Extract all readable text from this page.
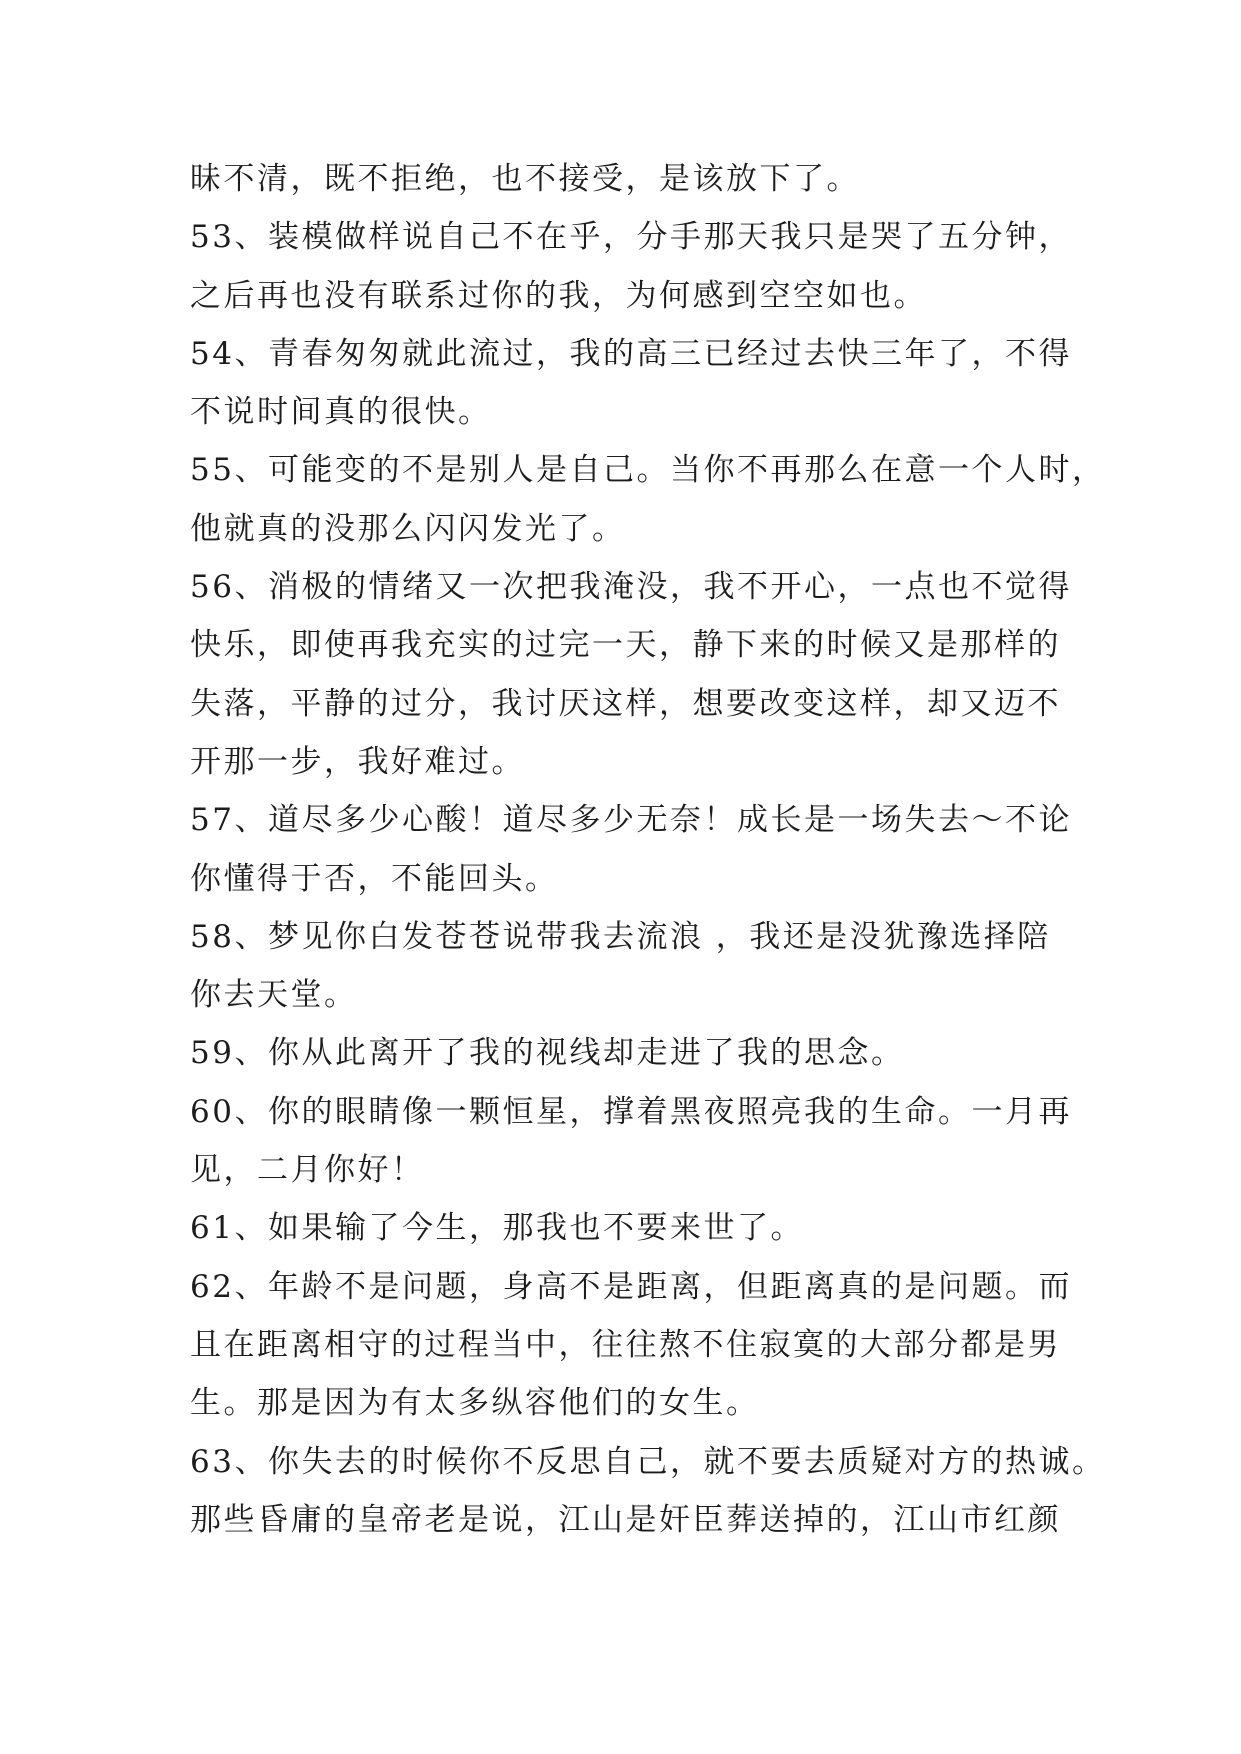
昧不清，既不拒绝，也不接受，是该放下了。
53、装模做样说自己不在乎，分手那天我只是哭了五分钟，
之后再也没有联系过你的我，为何感到空空如也。
54、青春匆匆就此流过，我的高三已经过去快三年了，不得
不说时间真的很快。
55、可能变的不是别人是自己。当你不再那么在意一个人时，
他就真的没那么闪闪发光了。
56、消极的情绪又一次把我淹没，我不开心，一点也不觉得
快乐，即使再我充实的过完一天，静下来的时候又是那样的
失落，平静的过分，我讨厌这样，想要改变这样，却又迈不
开那一步，我好难过。
57、道尽多少心酸！道尽多少无奈！成长是一场失去～不论
你懂得于否，不能回头。
58、梦见你白发苍苍说带我去流浪 ，我还是没犹豫选择陪
你去天堂。
59、你从此离开了我的视线却走进了我的思念。
60、你的眼睛像一颗恒星，撑着黑夜照亮我的生命。一月再
见，二月你好！
61、如果输了今生，那我也不要来世了。
62、年龄不是问题，身高不是距离，但距离真的是问题。而
且在距离相守的过程当中，往往熬不住寂寞的大部分都是男
生。那是因为有太多纵容他们的女生。
63、你失去的时候你不反思自己，就不要去质疑对方的热诚。
那些昏庸的皇帝老是说，江山是奸臣葬送掉的，江山市红颜
